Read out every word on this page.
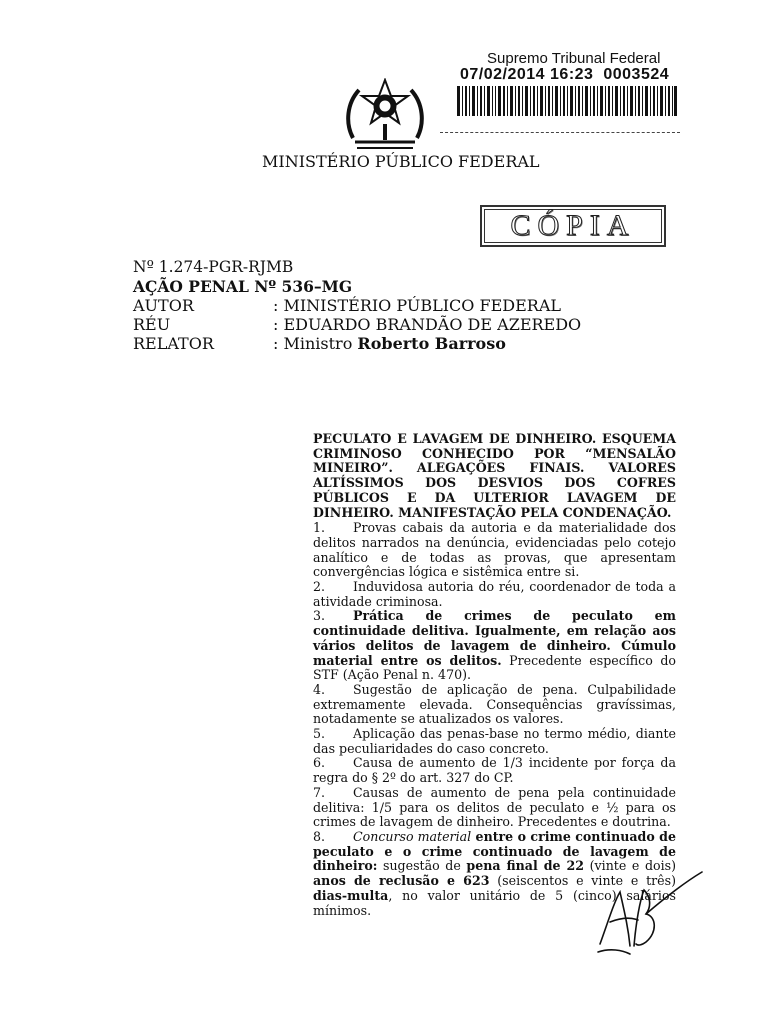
Supremo Tribunal Federal
07/02/2014 16:23 0003524
MINISTÉRIO PÚBLICO FEDERAL
CÓPIA
Nº 1.274-PGR-RJMB
AÇÃO PENAL Nº 536–MG
AUTOR	: MINISTÉRIO PÚBLICO FEDERAL
RÉU	: EDUARDO BRANDÃO DE AZEREDO
RELATOR	: Ministro Roberto Barroso

PECULATO E LAVAGEM DE DINHEIRO. ESQUEMA CRIMINOSO CONHECIDO POR “MENSALÃO MINEIRO”. ALEGAÇÕES FINAIS. VALORES ALTÍSSIMOS DOS DESVIOS DOS COFRES PÚBLICOS E DA ULTERIOR LAVAGEM DE DINHEIRO. MANIFESTAÇÃO PELA CONDENAÇÃO.

1. Provas cabais da autoria e da materialidade dos delitos narrados na denúncia, evidenciadas pelo cotejo analítico e de todas as provas, que apresentam convergências lógica e sistêmica entre si.

2. Induvidosa autoria do réu, coordenador de toda a atividade criminosa.

3. Prática de crimes de peculato em continuidade delitiva. Igualmente, em relação aos vários delitos de lavagem de dinheiro. Cúmulo material entre os delitos. Precedente específico do STF (Ação Penal n. 470).

4. Sugestão de aplicação de pena. Culpabilidade extremamente elevada. Consequências gravíssimas, notadamente se atualizados os valores.

5. Aplicação das penas-base no termo médio, diante das peculiaridades do caso concreto.

6. Causa de aumento de 1/3 incidente por força da regra do § 2º do art. 327 do CP.

7. Causas de aumento de pena pela continuidade delitiva: 1/5 para os delitos de peculato e ½ para os crimes de lavagem de dinheiro. Precedentes e doutrina.

8. Concurso material entre o crime continuado de peculato e o crime continuado de lavagem de dinheiro: sugestão de pena final de 22 (vinte e dois) anos de reclusão e 623 (seiscentos e vinte e três) dias-multa, no valor unitário de 5 (cinco) salários mínimos.
